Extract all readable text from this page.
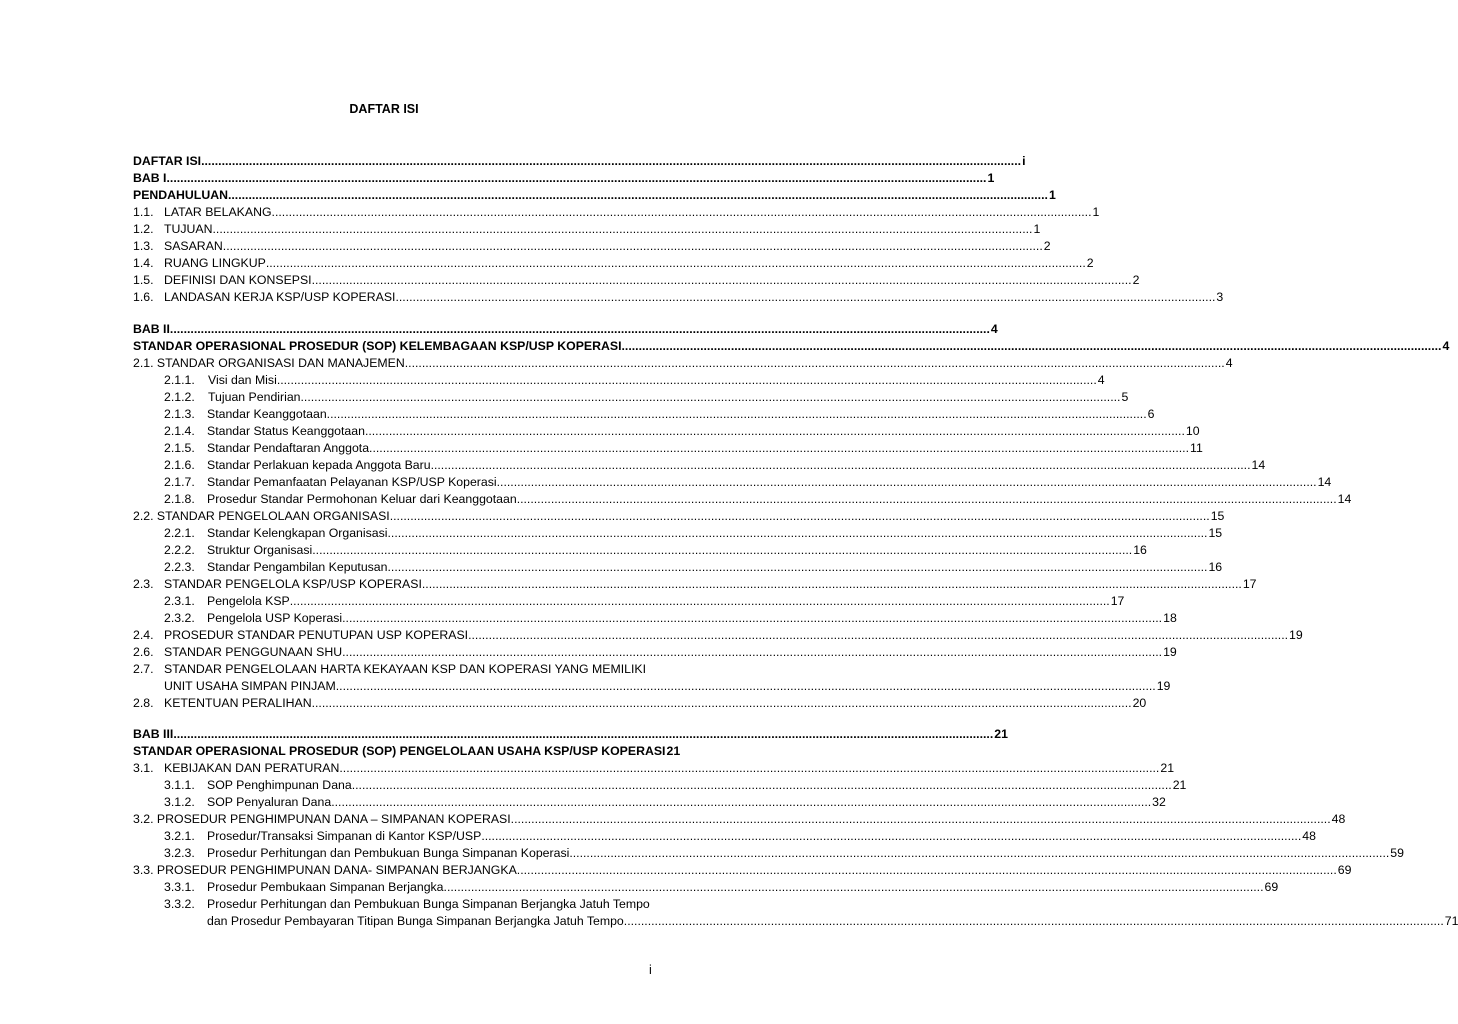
DAFTAR ISI
DAFTAR ISI .....	i
BAB I .....	1
PENDAHULUAN .....	1
1.1. LATAR BELAKANG .....	1
1.2. TUJUAN .....	1
1.3. SASARAN .....	2
1.4. RUANG LINGKUP .....	2
1.5. DEFINISI DAN KONSEPSI .....	2
1.6. LANDASAN KERJA KSP/USP KOPERASI .....	3
BAB II .....	4
STANDAR OPERASIONAL PROSEDUR (SOP) KELEMBAGAAN KSP/USP KOPERASI .....	4
2.1. STANDAR ORGANISASI DAN MANAJEMEN .....	4
2.1.1.	Visi dan Misi .....	4
2.1.2.	Tujuan Pendirian .....	5
2.1.3. Standar Keanggotaan .....	6
2.1.4. Standar Status Keanggotaan .....	10
2.1.5. Standar Pendaftaran Anggota .....	11
2.1.6. Standar Perlakuan kepada Anggota Baru .....	14
2.1.7. Standar Pemanfaatan Pelayanan KSP/USP Koperasi .....	14
2.1.8. Prosedur Standar Permohonan Keluar dari Keanggotaan .....	14
2.2. STANDAR PENGELOLAAN ORGANISASI .....	15
2.2.1. Standar Kelengkapan Organisasi .....	15
2.2.2. Struktur Organisasi .....	16
2.2.3. Standar Pengambilan Keputusan .....	16
2.3. STANDAR PENGELOLA KSP/USP KOPERASI .....	17
2.3.1. Pengelola KSP .....	17
2.3.2. Pengelola USP Koperasi .....	18
2.4. PROSEDUR STANDAR PENUTUPAN USP KOPERASI .....	19
2.6. STANDAR PENGGUNAAN SHU .....	19
2.7. STANDAR PENGELOLAAN HARTA KEKAYAAN KSP DAN KOPERASI YANG MEMILIKI
UNIT USAHA SIMPAN PINJAM .....	19
2.8. KETENTUAN PERALIHAN .....	20
BAB III .....	21
STANDAR OPERASIONAL PROSEDUR (SOP) PENGELOLAAN USAHA KSP/USP KOPERASI 21
3.1. KEBIJAKAN DAN PERATURAN .....	21
3.1.1. SOP Penghimpunan Dana .....	21
3.1.2. SOP Penyaluran Dana .....	32
3.2. PROSEDUR PENGHIMPUNAN DANA – SIMPANAN KOPERASI .....	48
3.2.1. Prosedur/Transaksi Simpanan di Kantor KSP/USP .....	48
3.2.3. Prosedur Perhitungan dan Pembukuan Bunga Simpanan Koperasi .....	59
3.3. PROSEDUR PENGHIMPUNAN DANA- SIMPANAN BERJANGKA .....	69
3.3.1. Prosedur Pembukaan Simpanan Berjangka .....	69
3.3.2. Prosedur Perhitungan dan Pembukuan Bunga Simpanan Berjangka Jatuh Tempo
dan Prosedur Pembayaran Titipan Bunga Simpanan Berjangka Jatuh Tempo .....	71
i
